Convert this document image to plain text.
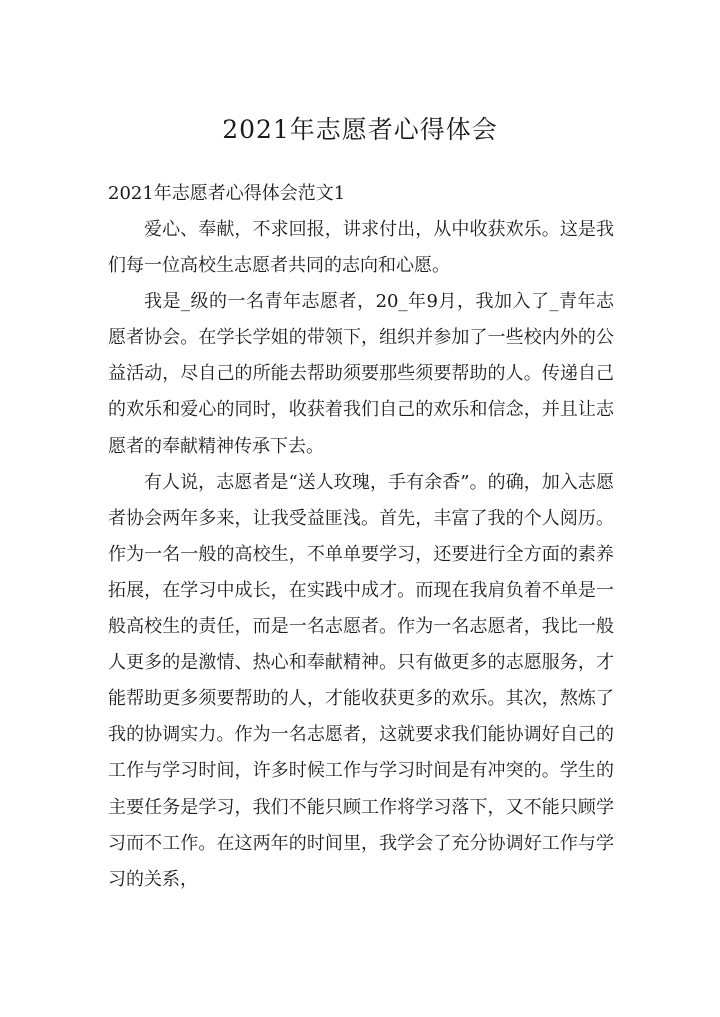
2021年志愿者心得体会

2021年志愿者心得体会范文1

爱心、奉献，不求回报，讲求付出，从中收获欢乐。这是我们每一位高校生志愿者共同的志向和心愿。

我是_级的一名青年志愿者，20_年9月，我加入了_青年志愿者协会。在学长学姐的带领下，组织并参加了一些校内外的公益活动，尽自己的所能去帮助须要那些须要帮助的人。传递自己的欢乐和爱心的同时，收获着我们自己的欢乐和信念，并且让志愿者的奉献精神传承下去。

有人说，志愿者是“送人玫瑰，手有余香”。的确，加入志愿者协会两年多来，让我受益匪浅。首先，丰富了我的个人阅历。作为一名一般的高校生，不单单要学习，还要进行全方面的素养拓展，在学习中成长，在实践中成才。而现在我肩负着不单是一般高校生的责任，而是一名志愿者。作为一名志愿者，我比一般人更多的是激情、热心和奉献精神。只有做更多的志愿服务，才能帮助更多须要帮助的人，才能收获更多的欢乐。其次，熬炼了我的协调实力。作为一名志愿者，这就要求我们能协调好自己的工作与学习时间，许多时候工作与学习时间是有冲突的。学生的主要任务是学习，我们不能只顾工作将学习落下，又不能只顾学习而不工作。在这两年的时间里，我学会了充分协调好工作与学习的关系，
